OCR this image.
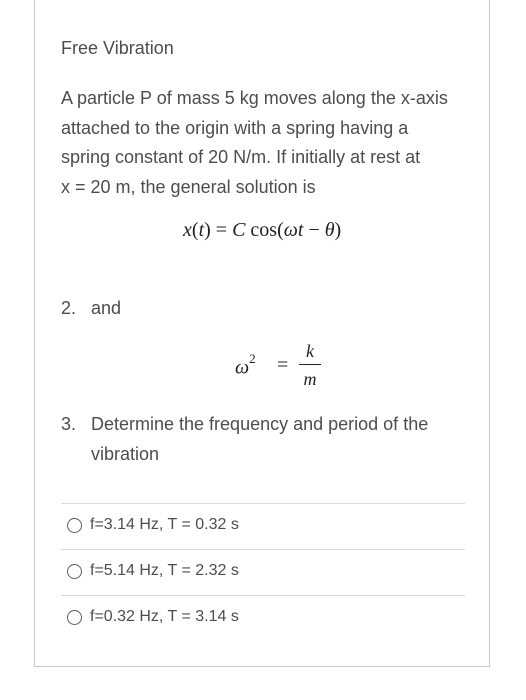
Free Vibration
A particle P of mass 5 kg moves along the x-axis
attached to the origin with a spring having a
spring constant of 20 N/m. If initially at rest at
x = 20 m, the general solution is
x(t) = C cos(ωt − θ)
2. and
$\omega^2$ =
k
m
3. Determine the frequency and period of the
vibration
f=3.14 Hz, T = 0.32 s
f=5.14 Hz, T = 2.32 s
f=0.32 Hz, T = 3.14 s
